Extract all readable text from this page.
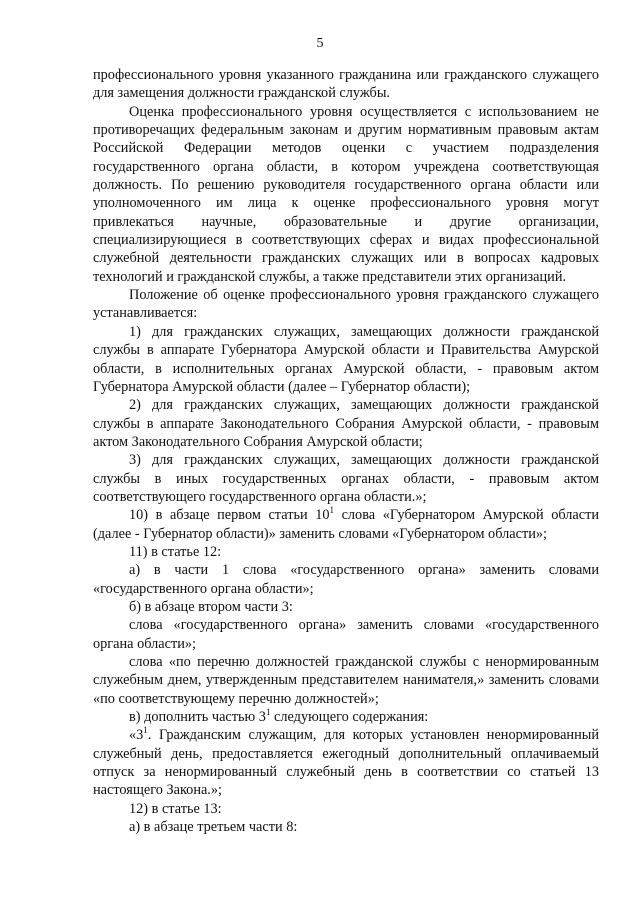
5

профессионального уровня указанного гражданина или гражданского служащего для замещения должности гражданской службы.

Оценка профессионального уровня осуществляется с использованием не противоречащих федеральным законам и другим нормативным правовым актам Российской Федерации методов оценки с участием подразделения государственного органа области, в котором учреждена соответствующая должность. По решению руководителя государственного органа области или уполномоченного им лица к оценке профессионального уровня могут привлекаться научные, образовательные и другие организации, специализирующиеся в соответствующих сферах и видах профессиональной служебной деятельности гражданских служащих или в вопросах кадровых технологий и гражданской службы, а также представители этих организаций.

Положение об оценке профессионального уровня гражданского служащего устанавливается:

1) для гражданских служащих, замещающих должности гражданской службы в аппарате Губернатора Амурской области и Правительства Амурской области, в исполнительных органах Амурской области, - правовым актом Губернатора Амурской области (далее – Губернатор области);

2) для гражданских служащих, замещающих должности гражданской службы в аппарате Законодательного Собрания Амурской области, - правовым актом Законодательного Собрания Амурской области;

3) для гражданских служащих, замещающих должности гражданской службы в иных государственных органах области, - правовым актом соответствующего государственного органа области.»;

10) в абзаце первом статьи $10^1$ слова «Губернатором Амурской области (далее - Губернатор области)» заменить словами «Губернатором области»;

11) в статье 12:

а) в части 1 слова «государственного органа» заменить словами «государственного органа области»;

б) в абзаце втором части 3:

слова «государственного органа» заменить словами «государственного органа области»;

слова «по перечню должностей гражданской службы с ненормированным служебным днем, утвержденным представителем нанимателя,» заменить словами «по соответствующему перечню должностей»;

в) дополнить частью $3^1$ следующего содержания:

«$3^1$. Гражданским служащим, для которых установлен ненормированный служебный день, предоставляется ежегодный дополнительный оплачиваемый отпуск за ненормированный служебный день в соответствии со статьей 13 настоящего Закона.»;

12) в статье 13:

а) в абзаце третьем части 8:
